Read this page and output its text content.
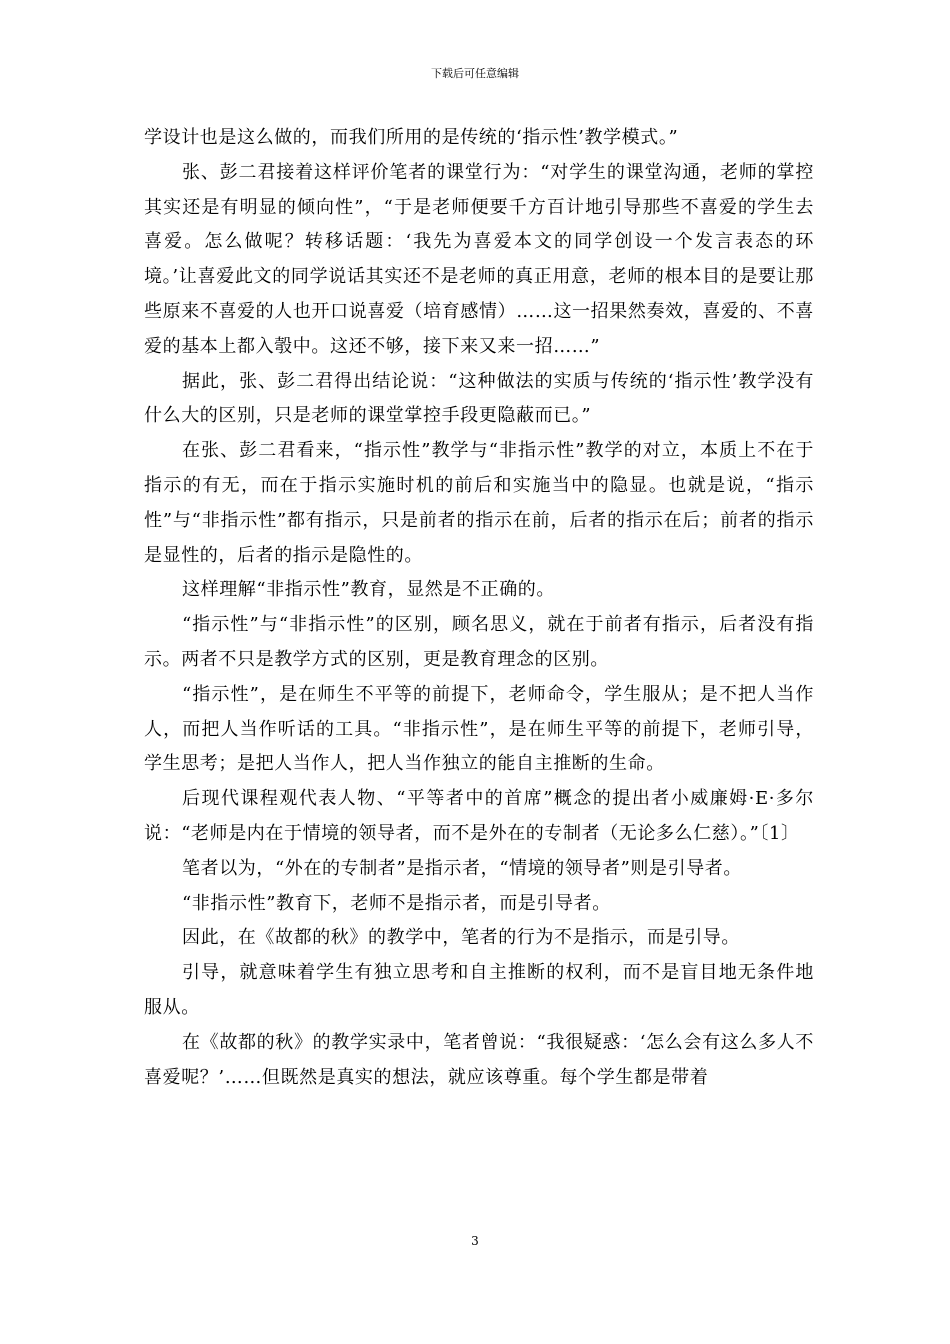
下载后可任意编辑

学设计也是这么做的，而我们所用的是传统的‘指示性’教学模式。”

张、彭二君接着这样评价笔者的课堂行为：“对学生的课堂沟通，老师的掌控其实还是有明显的倾向性”，“于是老师便要千方百计地引导那些不喜爱的学生去喜爱。怎么做呢？转移话题：‘我先为喜爱本文的同学创设一个发言表态的环境。’让喜爱此文的同学说话其实还不是老师的真正用意，老师的根本目的是要让那些原来不喜爱的人也开口说喜爱（培育感情）……这一招果然奏效，喜爱的、不喜爱的基本上都入彀中。这还不够，接下来又来一招……”

据此，张、彭二君得出结论说：“这种做法的实质与传统的‘指示性’教学没有什么大的区别，只是老师的课堂掌控手段更隐蔽而已。”

在张、彭二君看来，“指示性”教学与“非指示性”教学的对立，本质上不在于指示的有无，而在于指示实施时机的前后和实施当中的隐显。也就是说，“指示性”与“非指示性”都有指示，只是前者的指示在前，后者的指示在后；前者的指示是显性的，后者的指示是隐性的。

这样理解“非指示性”教育，显然是不正确的。

“指示性”与“非指示性”的区别，顾名思义，就在于前者有指示，后者没有指示。两者不只是教学方式的区别，更是教育理念的区别。

“指示性”，是在师生不平等的前提下，老师命令，学生服从；是不把人当作人，而把人当作听话的工具。“非指示性”，是在师生平等的前提下，老师引导，学生思考；是把人当作人，把人当作独立的能自主推断的生命。

后现代课程观代表人物、“平等者中的首席”概念的提出者小威廉姆·E·多尔说：“老师是内在于情境的领导者，而不是外在的专制者（无论多么仁慈）。”〔1〕

笔者以为，“外在的专制者”是指示者，“情境的领导者”则是引导者。

“非指示性”教育下，老师不是指示者，而是引导者。

因此，在《故都的秋》的教学中，笔者的行为不是指示，而是引导。

引导，就意味着学生有独立思考和自主推断的权利，而不是盲目地无条件地服从。

在《故都的秋》的教学实录中，笔者曾说：“我很疑惑：‘怎么会有这么多人不喜爱呢？’……但既然是真实的想法，就应该尊重。每个学生都是带着

3
